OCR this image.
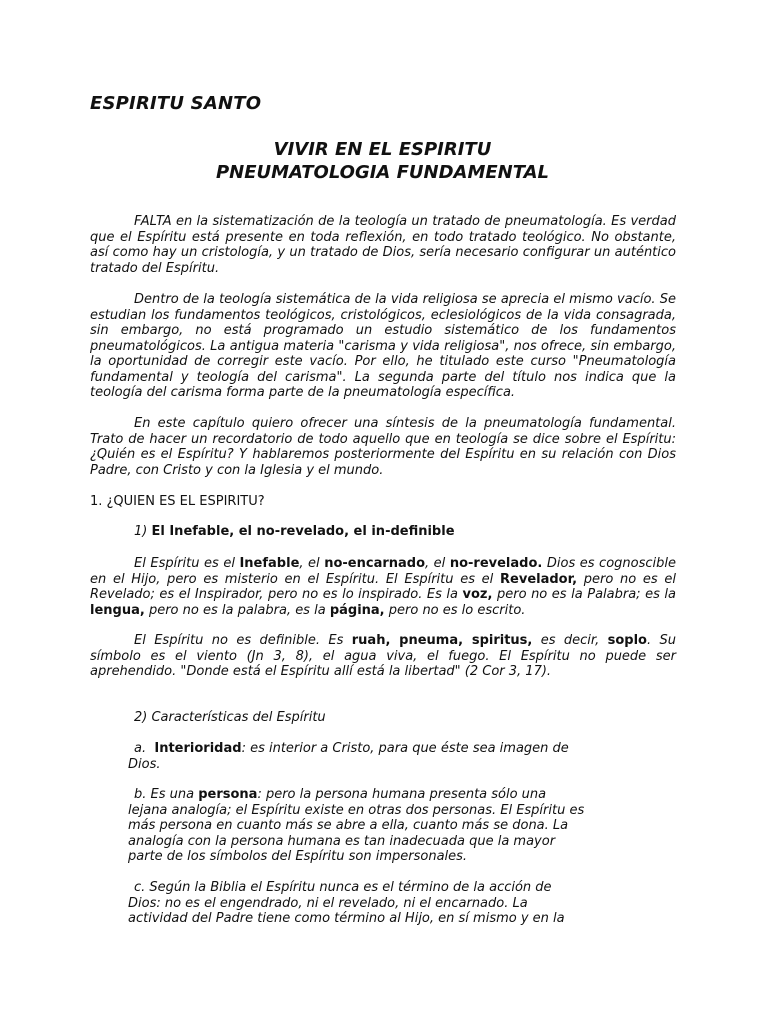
ESPIRITU SANTO
VIVIR EN EL ESPIRITU
PNEUMATOLOGIA FUNDAMENTAL

FALTA en la sistematización de la teología un tratado de pneumatología. Es verdad que el Espíritu está presente en toda reflexión, en todo tratado teológico. No obstante, así como hay un cristología, y un tratado de Dios, sería necesario configurar un auténtico tratado del Espíritu.

Dentro de la teología sistemática de la vida religiosa se aprecia el mismo vacío. Se estudian los fundamentos teológicos, cristológicos, eclesiológicos de la vida consagrada, sin embargo, no está programado un estudio sistemático de los fundamentos pneumatológicos. La antigua materia "carisma y vida religiosa", nos ofrece, sin embargo, la oportunidad de corregir este vacío. Por ello, he titulado este curso "Pneumatología fundamental y teología del carisma". La segunda parte del título nos indica que la teología del carisma forma parte de la pneumatología específica.

En este capítulo quiero ofrecer una síntesis de la pneumatología fundamental. Trato de hacer un recordatorio de todo aquello que en teología se dice sobre el Espíritu: ¿Quién es el Espíritu? Y hablaremos posteriormente del Espíritu en su relación con Dios Padre, con Cristo y con la Iglesia y el mundo.

1. ¿QUIEN ES EL ESPIRITU?
1) El Inefable, el no-revelado, el in-definible

El Espíritu es el Inefable, el no-encarnado, el no-revelado. Dios es cognoscible en el Hijo, pero es misterio en el Espíritu. El Espíritu es el Revelador, pero no es el Revelado; es el Inspirador, pero no es lo inspirado. Es la voz, pero no es la Palabra; es la lengua, pero no es la palabra, es la página, pero no es lo escrito.

El Espíritu no es definible. Es ruah, pneuma, spiritus, es decir, soplo. Su símbolo es el viento (Jn 3, 8), el agua viva, el fuego. El Espíritu no puede ser aprehendido. "Donde está el Espíritu allí está la libertad" (2 Cor 3, 17).

2) Características del Espíritu

a. Interioridad: es interior a Cristo, para que éste sea imagen de Dios.

b. Es una persona: pero la persona humana presenta sólo una lejana analogía; el Espíritu existe en otras dos personas. El Espíritu es más persona en cuanto más se abre a ella, cuanto más se dona. La analogía con la persona humana es tan inadecuada que la mayor parte de los símbolos del Espíritu son impersonales.

c. Según la Biblia el Espíritu nunca es el término de la acción de Dios: no es el engendrado, ni el revelado, ni el encarnado. La actividad del Padre tiene como término al Hijo, en sí mismo y en la
